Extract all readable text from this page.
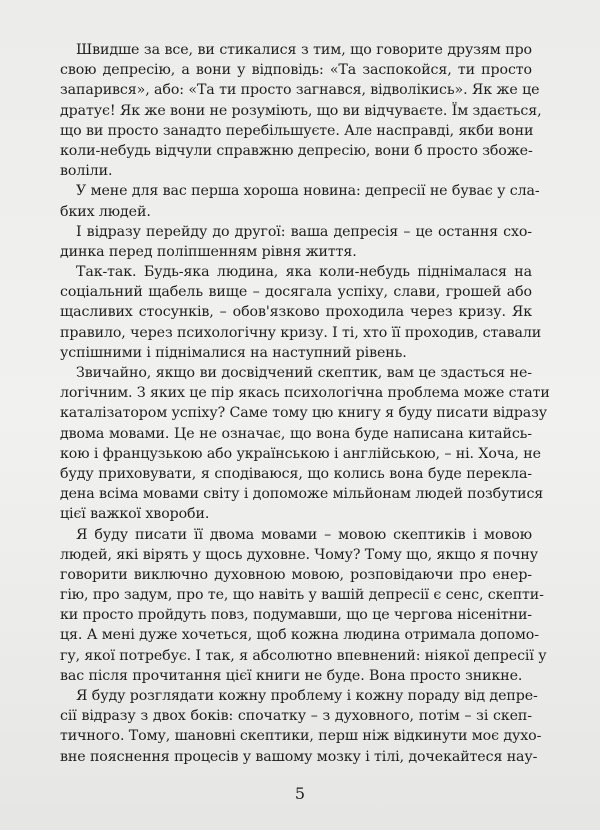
Швидше за все, ви стикалися з тим, що говорите друзям про
свою депресію, а вони у відповідь: «Та заспокойся, ти просто
запарився», або: «Та ти просто загнався, відволікись». Як же це
дратує! Як же вони не розуміють, що ви відчуваєте. Їм здається,
що ви просто занадто перебільшуєте. Але насправді, якби вони
коли-небудь відчули справжню депресію, вони б просто збоже-
воліли.
У мене для вас перша хороша новина: депресії не буває у сла-
бких людей.
І відразу перейду до другої: ваша депресія – це остання схо-
динка перед поліпшенням рівня життя.
Так-так. Будь-яка людина, яка коли-небудь піднімалася на
соціальний щабель вище – досягала успіху, слави, грошей або
щасливих стосунків, – обов'язково проходила через кризу. Як
правило, через психологічну кризу. І ті, хто її проходив, ставали
успішними і піднімалися на наступний рівень.
Звичайно, якщо ви досвідчений скептик, вам це здасться не-
логічним. З яких це пір якась психологічна проблема може стати
каталізатором успіху? Саме тому цю книгу я буду писати відразу
двома мовами. Це не означає, що вона буде написана китайсь-
кою і французькою або українською і англійською, – ні. Хоча, не
буду приховувати, я сподіваюся, що колись вона буде перекла-
дена всіма мовами світу і допоможе мільйонам людей позбутися
цієї важкої хвороби.
Я буду писати її двома мовами – мовою скептиків і мовою
людей, які вірять у щось духовне. Чому? Тому що, якщо я почну
говорити виключно духовною мовою, розповідаючи про енер-
гію, про задум, про те, що навіть у вашій депресії є сенс, скепти-
ки просто пройдуть повз, подумавши, що це чергова нісенітни-
ця. А мені дуже хочеться, щоб кожна людина отримала допомо-
гу, якої потребує. І так, я абсолютно впевнений: ніякої депресії у
вас після прочитання цієї книги не буде. Вона просто зникне.
Я буду розглядати кожну проблему і кожну пораду від депре-
сії відразу з двох боків: спочатку – з духовного, потім – зі скеп-
тичного. Тому, шановні скептики, перш ніж відкинути моє духо-
вне пояснення процесів у вашому мозку і тілі, дочекайтеся нау-
5
